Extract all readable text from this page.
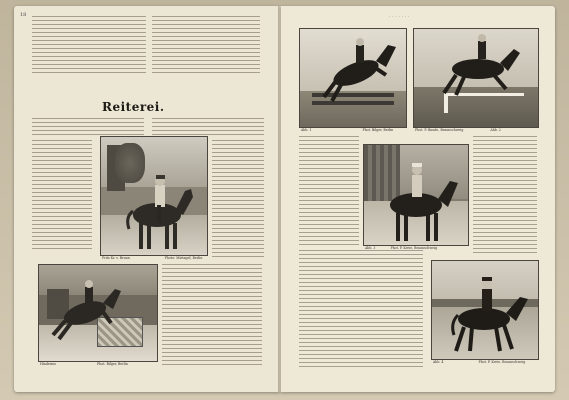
18
Reiterei.
Fritz Kr. v. Brunn	Photo: Mietagel, Berlin
Hindernis	Phot. Bilger, Berlin
· · · · · · ·
Abb. 1	Phot. Bilger, Berlin	Phot. P. Bunde, Braunschweig	Abb. 2
Abb. 3	Phot. P. Kreie, Braunschweig
Abb. 4	Phot. P. Kreie, Braunschweig
